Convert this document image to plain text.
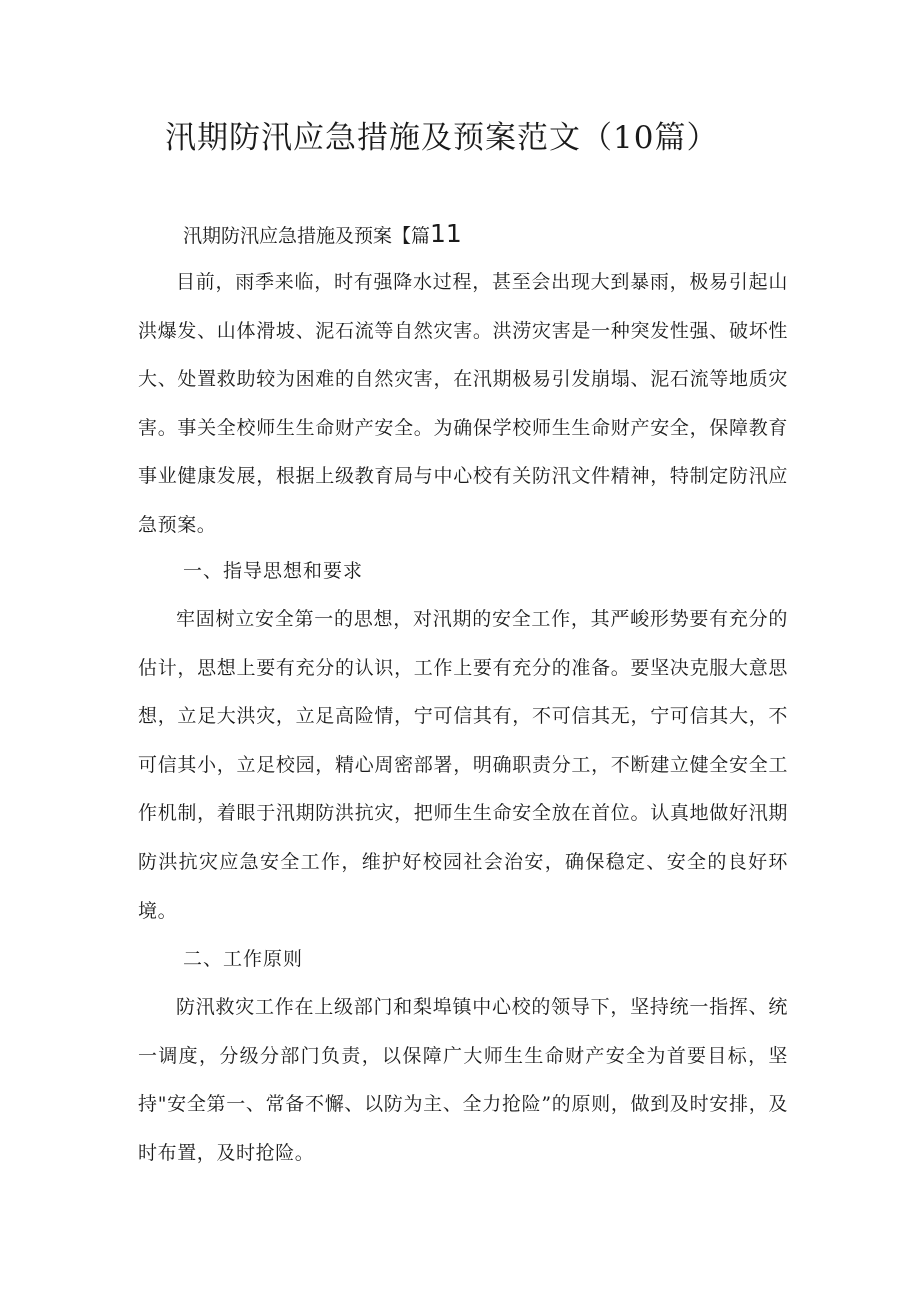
汛期防汛应急措施及预案范文（10篇）
汛期防汛应急措施及预案【篇11

目前，雨季来临，时有强降水过程，甚至会出现大到暴雨，极易引起山洪爆发、山体滑坡、泥石流等自然灾害。洪涝灾害是一种突发性强、破坏性大、处置救助较为困难的自然灾害，在汛期极易引发崩塌、泥石流等地质灾害。事关全校师生生命财产安全。为确保学校师生生命财产安全，保障教育事业健康发展，根据上级教育局与中心校有关防汛文件精神，特制定防汛应急预案。

一、指导思想和要求

牢固树立安全第一的思想，对汛期的安全工作，其严峻形势要有充分的估计，思想上要有充分的认识，工作上要有充分的准备。要坚决克服大意思想，立足大洪灾，立足高险情，宁可信其有，不可信其无，宁可信其大，不可信其小，立足校园，精心周密部署，明确职责分工，不断建立健全安全工作机制，着眼于汛期防洪抗灾，把师生生命安全放在首位。认真地做好汛期防洪抗灾应急安全工作，维护好校园社会治安，确保稳定、安全的良好环境。

二、工作原则

防汛救灾工作在上级部门和梨埠镇中心校的领导下，坚持统一指挥、统一调度，分级分部门负责，以保障广大师生生命财产安全为首要目标，坚持"安全第一、常备不懈、以防为主、全力抢险”的原则，做到及时安排，及时布置，及时抢险。
